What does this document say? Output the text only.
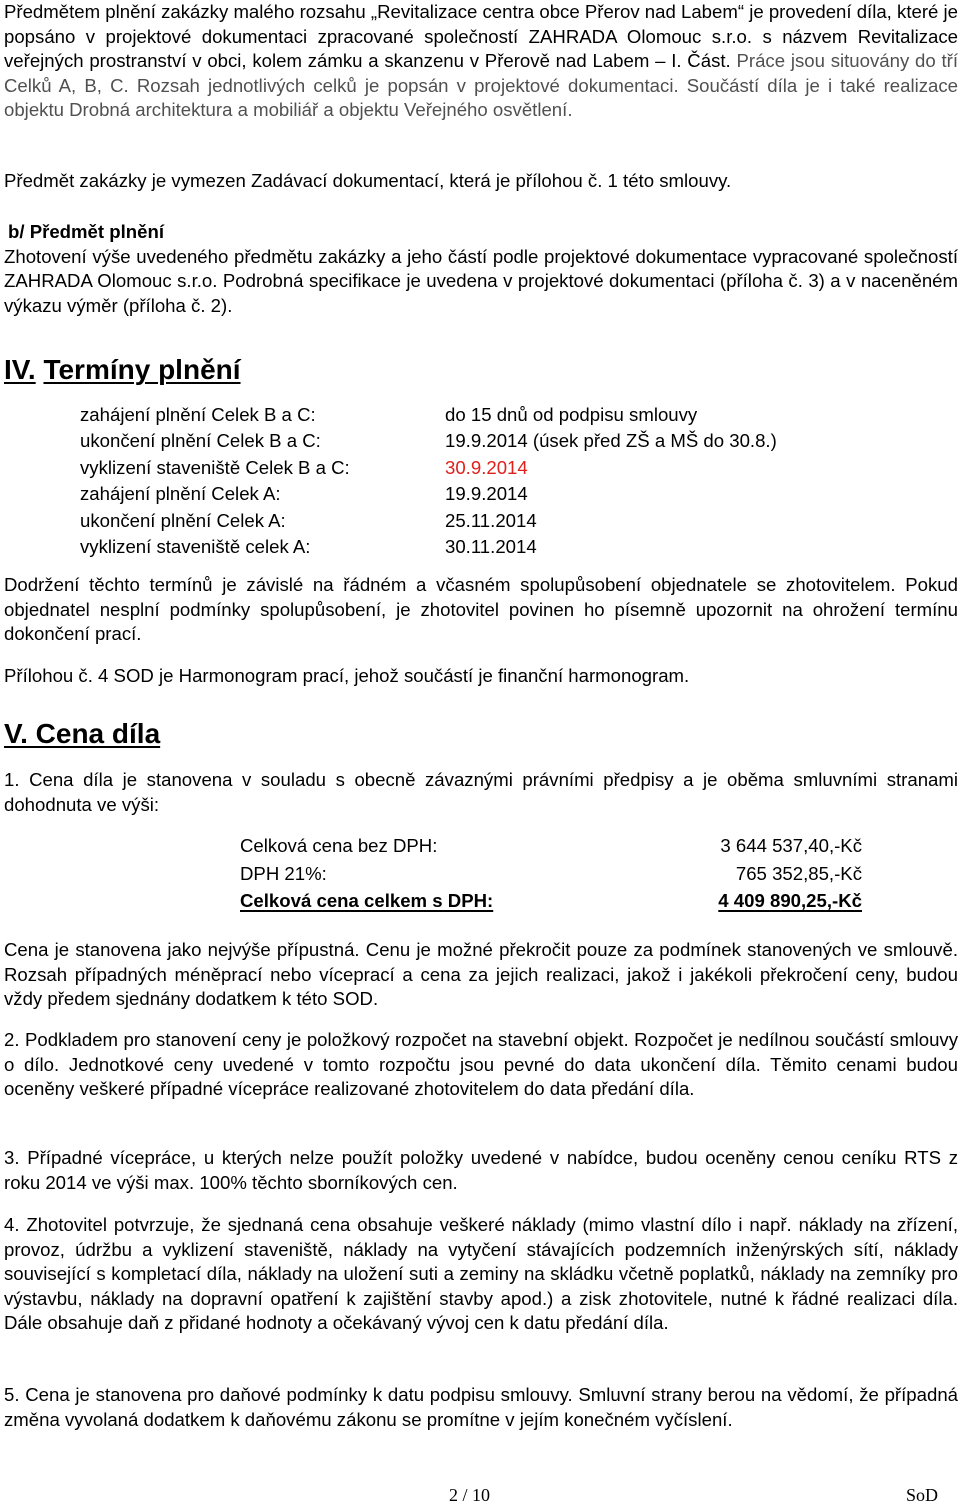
Předmětem plnění zakázky malého rozsahu „Revitalizace centra obce Přerov nad Labem“ je provedení díla, které je popsáno v projektové dokumentaci zpracované společností ZAHRADA Olomouc s.r.o. s názvem Revitalizace veřejných prostranství v obci, kolem zámku a skanzenu v Přerově nad Labem – I. Část. Práce jsou situovány do tří Celků A, B, C. Rozsah jednotlivých celků je popsán v projektové dokumentaci. Součástí díla je i také realizace objektu Drobná architektura a mobiliář a objektu Veřejného osvětlení.

Předmět zakázky je vymezen Zadávací dokumentací, která je přílohou č. 1 této smlouvy.

b/ Předmět plnění

Zhotovení výše uvedeného předmětu zakázky a jeho částí podle projektové dokumentace vypracované společností ZAHRADA Olomouc s.r.o. Podrobná specifikace je uvedena v projektové dokumentaci (příloha č. 3) a v naceněném výkazu výměr (příloha č. 2).

IV. Termíny plnění

zahájení plnění Celek B a C:	do 15 dnů od podpisu smlouvy
ukončení plnění Celek B a C:	19.9.2014 (úsek před ZŠ a MŠ do 30.8.)
vyklizení staveniště Celek B a C:	30.9.2014
zahájení plnění Celek A:	19.9.2014
ukončení plnění Celek A:	25.11.2014
vyklizení staveniště celek A:	30.11.2014

Dodržení těchto termínů je závislé na řádném a včasném spolupůsobení objednatele se zhotovitelem. Pokud objednatel nesplní podmínky spolupůsobení, je zhotovitel povinen ho písemně upozornit na ohrožení termínu dokončení prací.

Přílohou č. 4 SOD je Harmonogram prací, jehož součástí je finanční harmonogram.

V. Cena díla

1. Cena díla je stanovena v souladu s obecně závaznými právními předpisy a je oběma smluvními stranami dohodnuta ve výši:

Celková cena bez DPH:	3 644 537,40,-Kč
DPH 21%:	765 352,85,-Kč
Celková cena celkem s DPH:	4 409 890,25,-Kč

Cena je stanovena jako nejvýše přípustná. Cenu je možné překročit pouze za podmínek stanovených ve smlouvě. Rozsah případných méněprací nebo víceprací a cena za jejich realizaci, jakož i jakékoli překročení ceny, budou vždy předem sjednány dodatkem k této SOD.

2. Podkladem pro stanovení ceny je položkový rozpočet na stavební objekt. Rozpočet je nedílnou součástí smlouvy o dílo. Jednotkové ceny uvedené v tomto rozpočtu jsou pevné do data ukončení díla. Těmito cenami budou oceněny veškeré případné vícepráce realizované zhotovitelem do data předání díla.

3. Případné vícepráce, u kterých nelze použít položky uvedené v nabídce, budou oceněny cenou ceníku RTS z roku 2014 ve výši max. 100% těchto sborníkových cen.

4. Zhotovitel potvrzuje, že sjednaná cena obsahuje veškeré náklady (mimo vlastní dílo i např. náklady na zřízení, provoz, údržbu a vyklizení staveniště, náklady na vytyčení stávajících podzemních inženýrských sítí, náklady související s kompletací díla, náklady na uložení suti a zeminy na skládku včetně poplatků, náklady na zemníky pro výstavbu, náklady na dopravní opatření k zajištění stavby apod.) a zisk zhotovitele, nutné k řádné realizaci díla. Dále obsahuje daň z přidané hodnoty a očekávaný vývoj cen k datu předání díla.

5. Cena je stanovena pro daňové podmínky k datu podpisu smlouvy. Smluvní strany berou na vědomí, že případná změna vyvolaná dodatkem k daňovému zákonu se promítne v jejím konečném vyčíslení.

2 / 10	SoD
